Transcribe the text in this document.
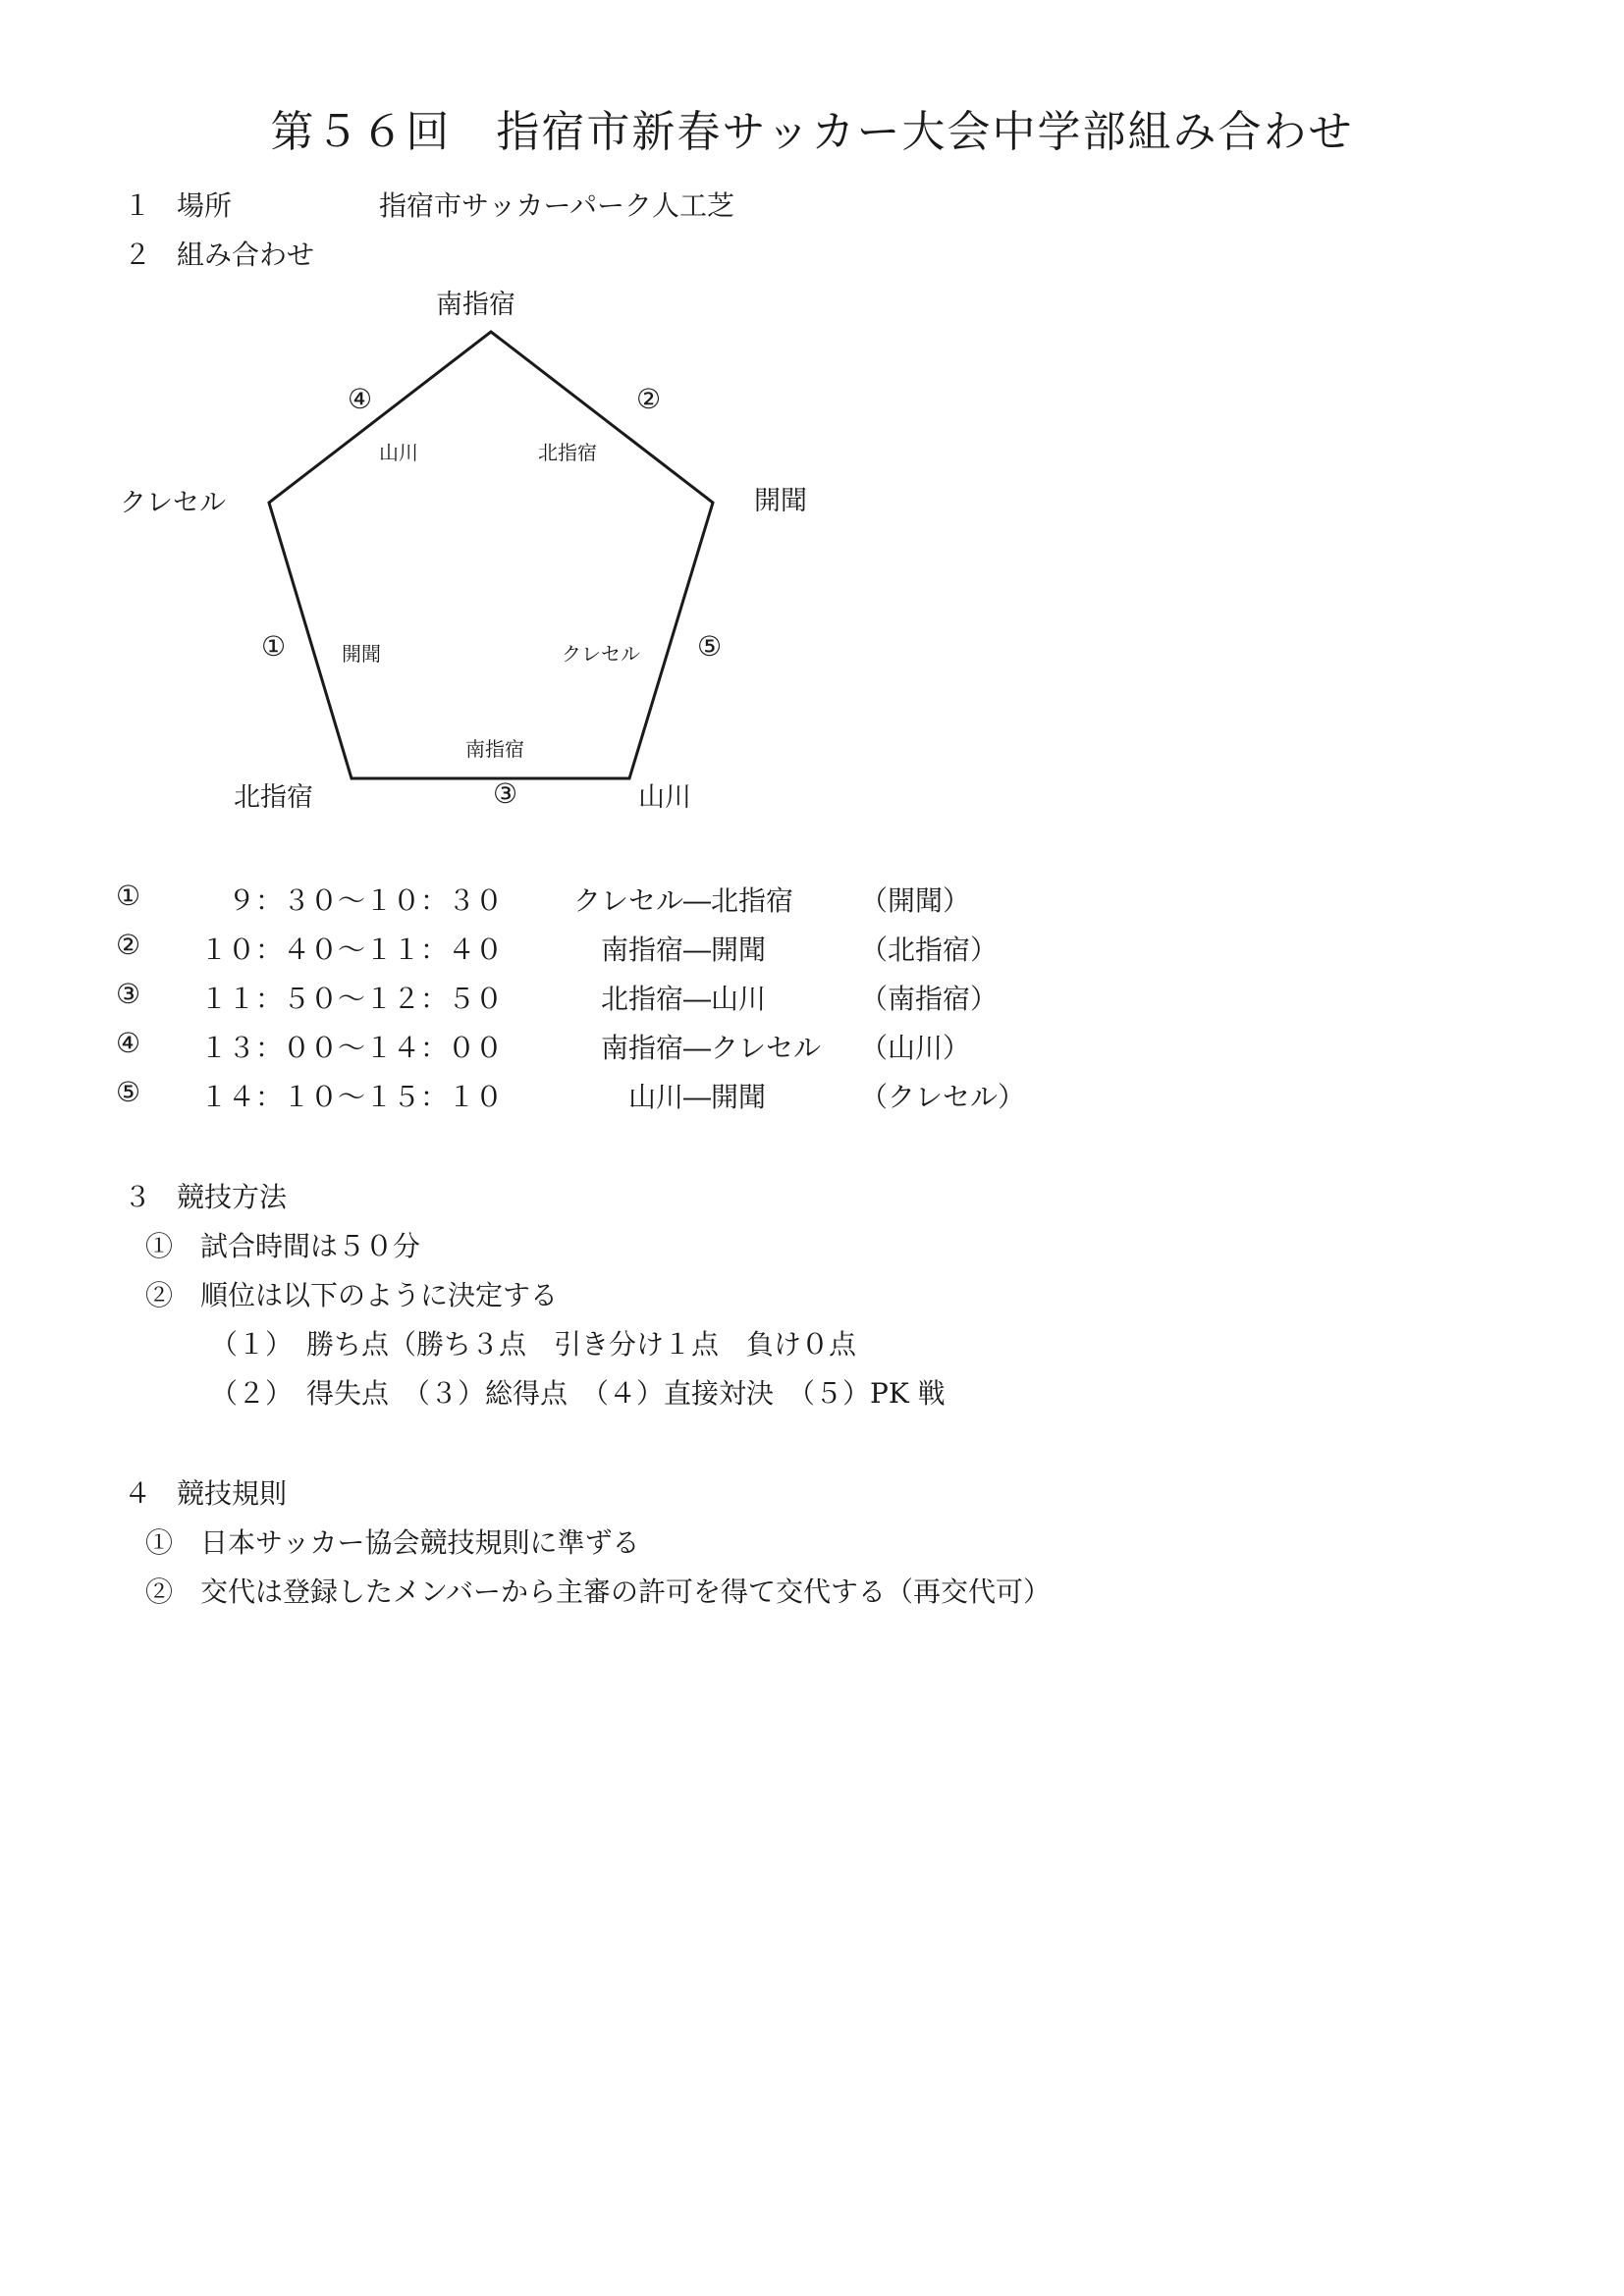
第５６回　指宿市新春サッカー大会中学部組み合わせ
１ 場所	指宿市サッカーパーク人工芝
２ 組み合わせ
南指宿
開聞
クレセル
北指宿	山川
④	②
①	⑤
③
山川	北指宿
開聞	クレセル
南指宿
① 　９：３０～１０：３０	クレセル―北指宿 （開聞）
② １０：４０～１１：４０	南指宿―開聞	（北指宿）
③ １１：５０～１２：５０	北指宿―山川	（南指宿）
④ １３：００～１４：００	南指宿―クレセル （山川）
⑤ １４：１０～１５：１０	山川―開聞	（クレセル）
３ 競技方法
①　試合時間は５０分
②　順位は以下のように決定する
（１）　勝ち点（勝ち３点　引き分け１点　負け０点
（２）　得失点　（３）総得点　（４）直接対決　（５）PK 戦
４ 競技規則
①　日本サッカー協会競技規則に準ずる
②　交代は登録したメンバーから主審の許可を得て交代する（再交代可）
